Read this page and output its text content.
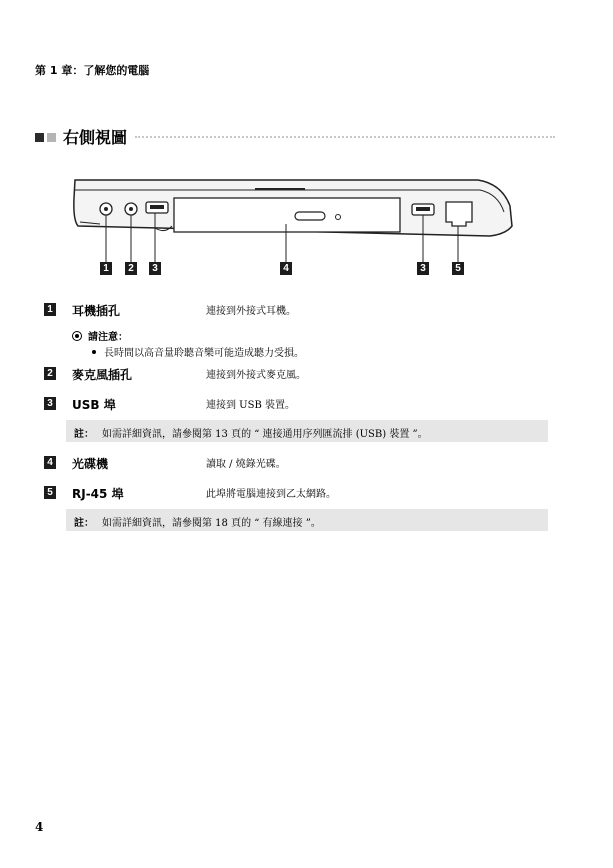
第 1 章：了解您的電腦
右側視圖
1	2	3	4	3	5
1 耳機插孔	連接到外接式耳機。
請注意：
長時間以高音量聆聽音樂可能造成聽力受損。
2 麥克風插孔	連接到外接式麥克風。
3 USB 埠	連接到 USB 裝置。
註： 如需詳細資訊，請參閱第 13 頁的 “ 連接通用序列匯流排 (USB) 裝置 ”。
4 光碟機	讀取 / 燒錄光碟。
5 RJ-45 埠	此埠將電腦連接到乙太網路。
註： 如需詳細資訊，請參閱第 18 頁的 “ 有線連接 ”。
4
